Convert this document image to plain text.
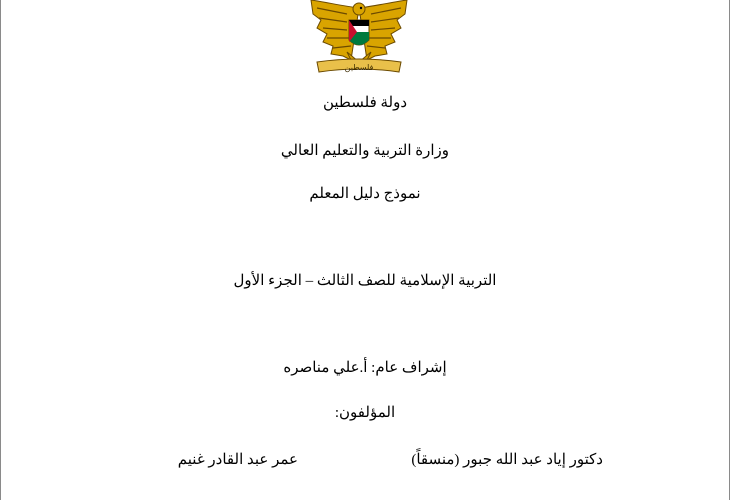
فلسطين
دولة فلسطين
وزارة التربية والتعليم العالي
نموذج دليل المعلم
التربية الإسلامية للصف الثالث – الجزء الأول
إشراف عام: أ.علي مناصره
المؤلفون:
دكتور إياد عبد الله جبور (منسقاً)
عمر عبد القادر غنيم
